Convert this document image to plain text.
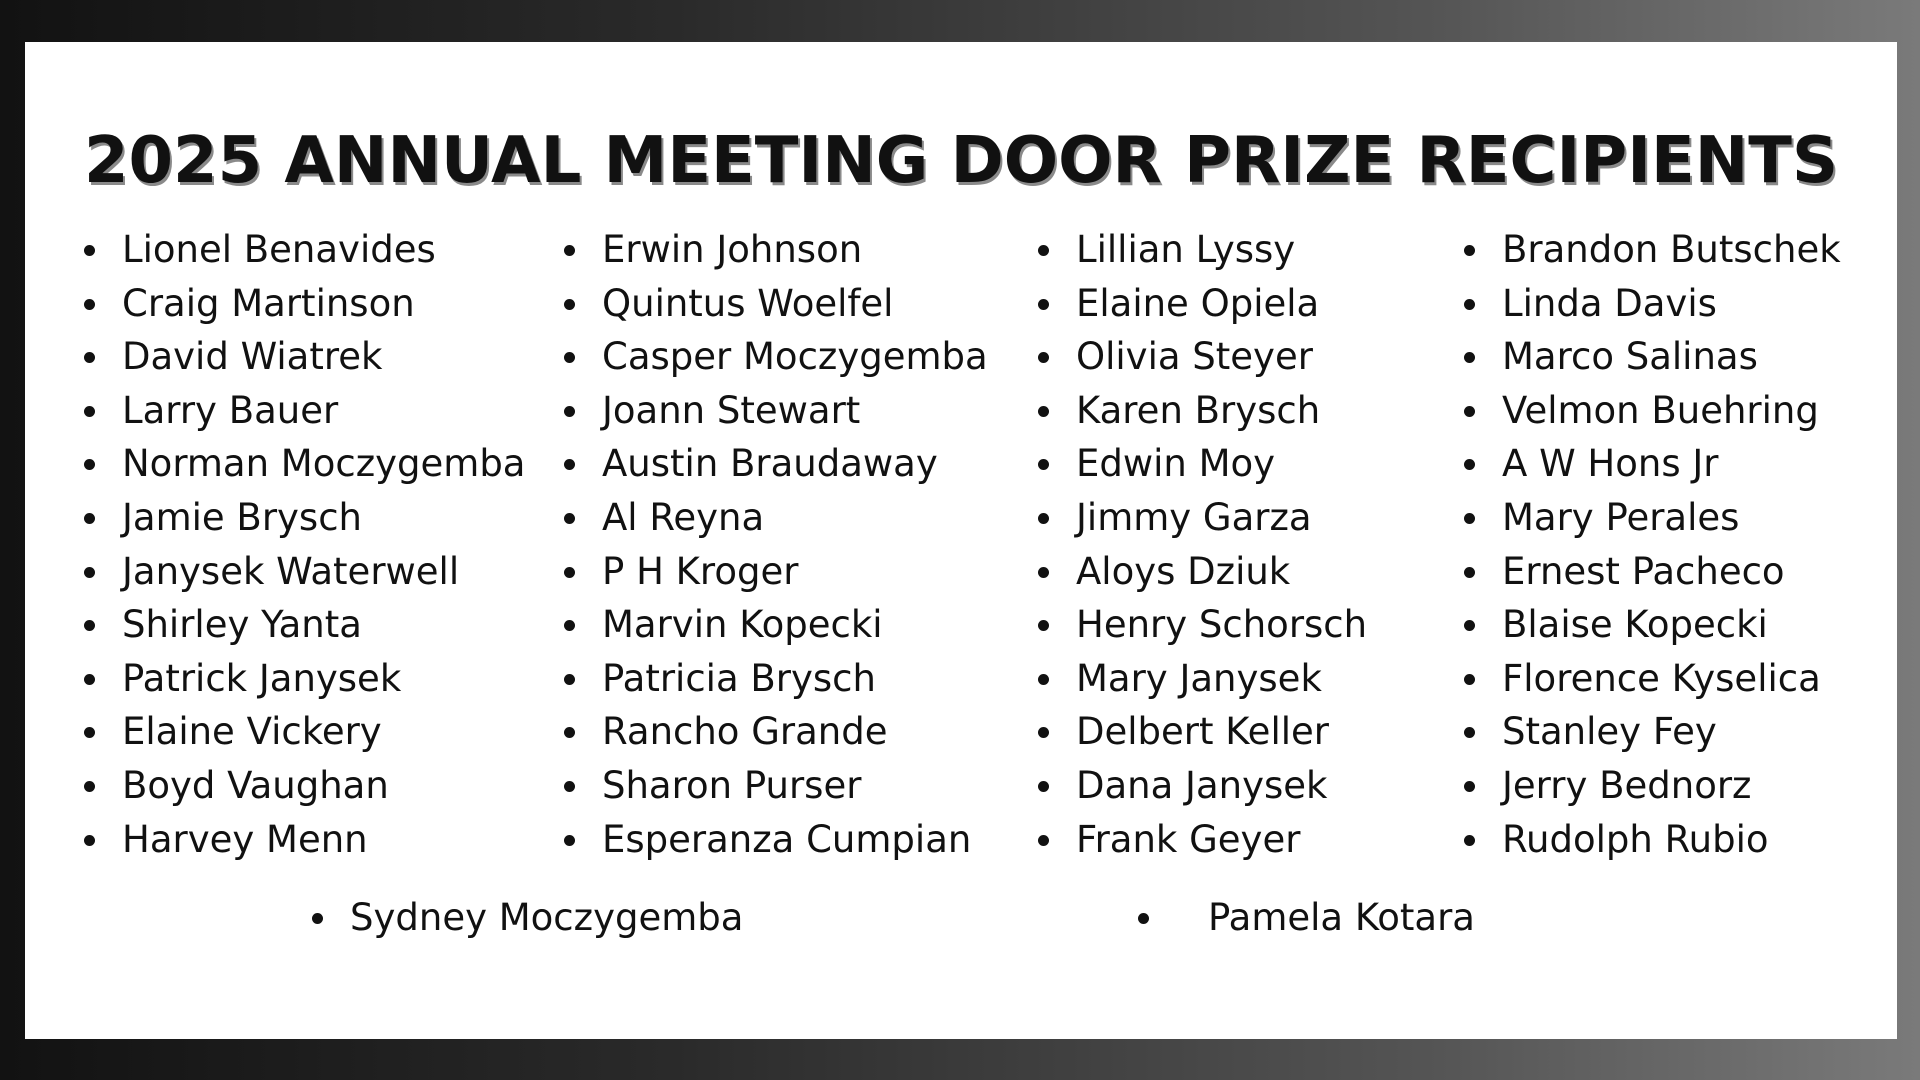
2025 ANNUAL MEETING DOOR PRIZE RECIPIENTS
Lionel Benavides
Craig Martinson
David Wiatrek
Larry Bauer
Norman Moczygemba
Jamie Brysch
Janysek Waterwell
Shirley Yanta
Patrick Janysek
Elaine Vickery
Boyd Vaughan
Harvey Menn
Erwin Johnson
Quintus Woelfel
Casper Moczygemba
Joann Stewart
Austin Braudaway
Al Reyna
P H Kroger
Marvin Kopecki
Patricia Brysch
Rancho Grande
Sharon Purser
Esperanza Cumpian
Lillian Lyssy
Elaine Opiela
Olivia Steyer
Karen Brysch
Edwin Moy
Jimmy Garza
Aloys Dziuk
Henry Schorsch
Mary Janysek
Delbert Keller
Dana Janysek
Frank Geyer
Brandon Butschek
Linda Davis
Marco Salinas
Velmon Buehring
A W Hons Jr
Mary Perales
Ernest Pacheco
Blaise Kopecki
Florence Kyselica
Stanley Fey
Jerry Bednorz
Rudolph Rubio
Sydney Moczygemba	Pamela Kotara
